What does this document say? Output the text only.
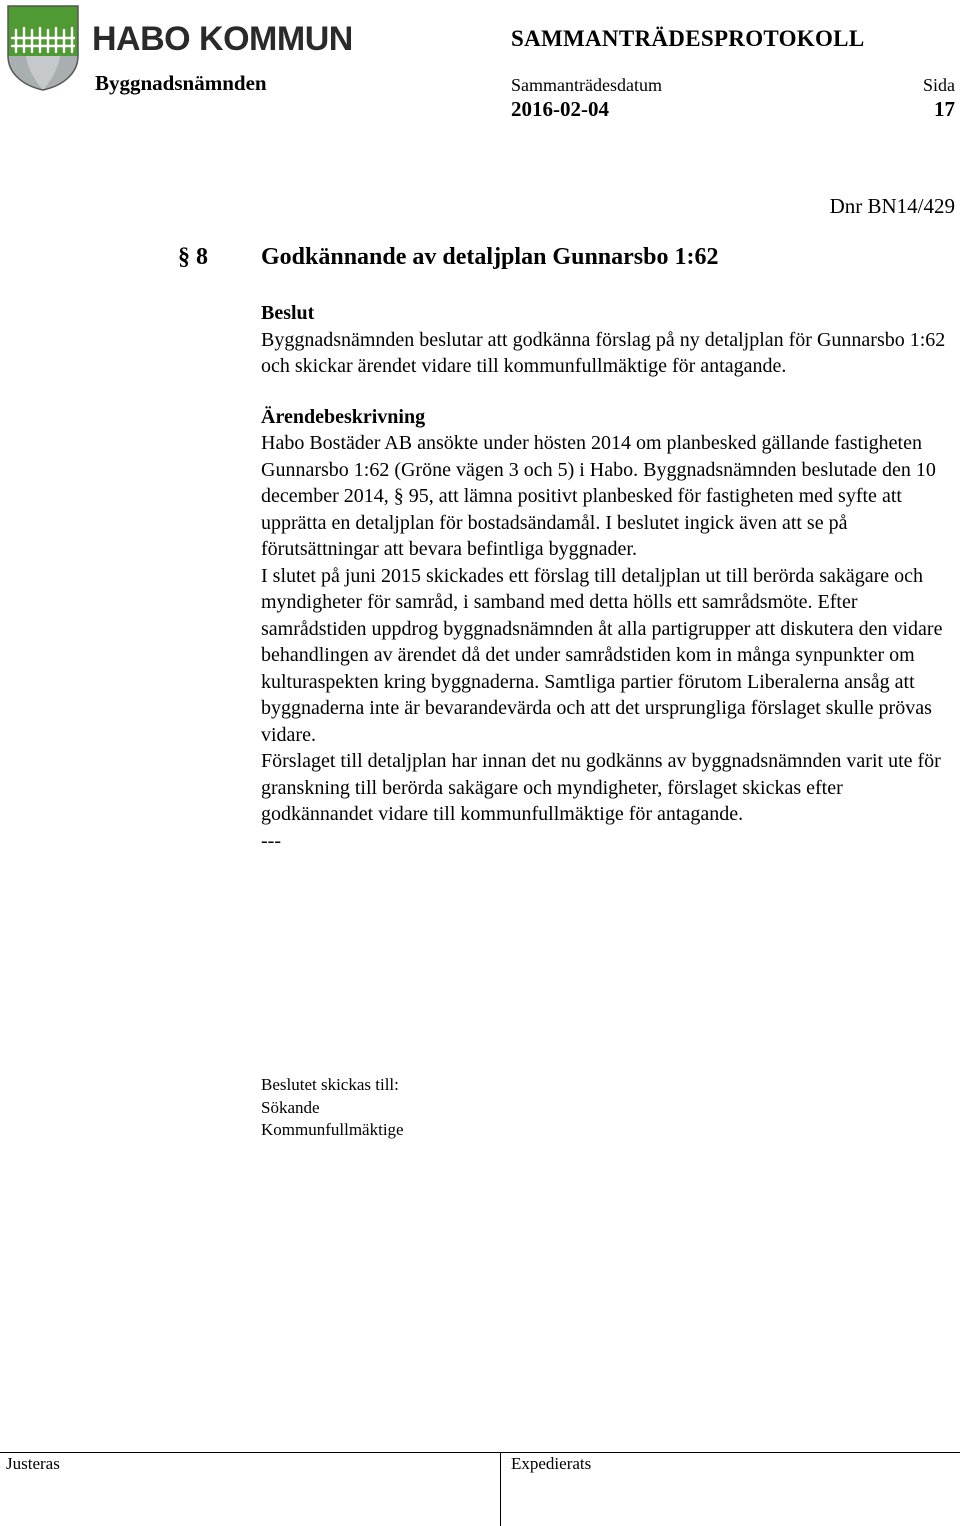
HABO KOMMUN	SAMMANTRÄDESPROTOKOLL
Byggnadsnämnden	Sammanträdesdatum
2016-02-04
Sida
17
Dnr BN14/429
§ 8 Godkännande av detaljplan Gunnarsbo 1:62

Beslut

Byggnadsnämnden beslutar att godkänna förslag på ny detaljplan för Gunnarsbo 1:62 och skickar ärendet vidare till kommunfullmäktige för antagande.

Ärendebeskrivning

Habo Bostäder AB ansökte under hösten 2014 om planbesked gällande fastigheten Gunnarsbo 1:62 (Gröne vägen 3 och 5) i Habo. Byggnadsnämnden beslutade den 10 december 2014, § 95, att lämna positivt planbesked för fastigheten med syfte att upprätta en detaljplan för bostadsändamål. I beslutet ingick även att se på förutsättningar att bevara befintliga byggnader.

I slutet på juni 2015 skickades ett förslag till detaljplan ut till berörda sakägare och myndigheter för samråd, i samband med detta hölls ett samrådsmöte. Efter samrådstiden uppdrog byggnadsnämnden åt alla partigrupper att diskutera den vidare behandlingen av ärendet då det under samrådstiden kom in många synpunkter om kulturaspekten kring byggnaderna. Samtliga partier förutom Liberalerna ansåg att byggnaderna inte är bevarandevärda och att det ursprungliga förslaget skulle prövas vidare.

Förslaget till detaljplan har innan det nu godkänns av byggnadsnämnden varit ute för granskning till berörda sakägare och myndigheter, förslaget skickas efter godkännandet vidare till kommunfullmäktige för antagande.

---

Beslutet skickas till:
Sökande
Kommunfullmäktige
Justeras	Expedierats
